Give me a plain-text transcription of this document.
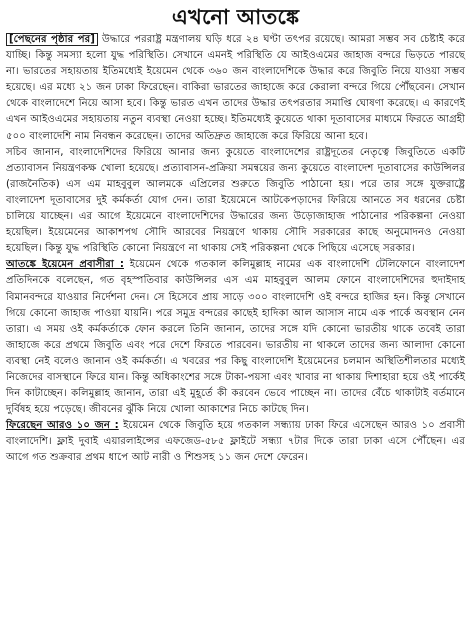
এখনো আতঙ্কে

[পেছনের পৃষ্ঠার পর] উদ্ধারে পররাষ্ট্র মন্ত্রণালয় ঘড়ি ধরে ২৪ ঘণ্টা তৎপর রয়েছে। আমরা সম্ভব সব চেষ্টাই করে যাচ্ছি। কিন্তু সমস্যা হলো যুদ্ধ পরিস্থিতি। সেখানে এমনই পরিস্থিতি যে আইওএমের জাহাজ বন্দরে ভিড়তে পারছে না। ভারতের সহায়তায় ইতিমধ্যেই ইয়েমেন থেকে ৩৬০ জন বাংলাদেশিকে উদ্ধার করে জিবুতি নিয়ে যাওয়া সম্ভব হয়েছে। এর মধ্যে ২১ জন ঢাকা ফিরেছেন। বাকিরা ভারতের জাহাজে করে কেরালা বন্দরে গিয়ে পৌঁছবেন। সেখান থেকে বাংলাদেশে নিয়ে আসা হবে। কিন্তু ভারত এখন তাদের উদ্ধার তৎপরতার সমাপ্তি ঘোষণা করেছে। এ কারণেই এখন আইওএমের সহায়তায় নতুন ব্যবস্থা নেওয়া হচ্ছে। ইতিমধ্যেই কুয়েতে থাকা দূতাবাসের মাধ্যমে ফিরতে আগ্রহী ৫০০ বাংলাদেশি নাম নিবন্ধন করেছেন। তাদের অতিদ্রুত জাহাজে করে ফিরিয়ে আনা হবে।

সচিব জানান, বাংলাদেশিদের ফিরিয়ে আনার জন্য কুয়েতে বাংলাদেশের রাষ্ট্রদূতের নেতৃত্বে জিবুতিতে একটি প্রত্যাবাসন নিয়ন্ত্রণকক্ষ খোলা হয়েছে। প্রত্যাবাসন-প্রক্রিয়া সমন্বয়ের জন্য কুয়েতে বাংলাদেশ দূতাবাসের কাউন্সিলর (রাজনৈতিক) এস এম মাহবুবুল আলমকে এপ্রিলের শুরুতে জিবুতি পাঠানো হয়। পরে তার সঙ্গে যুক্তরাষ্ট্রে বাংলাদেশ দূতাবাসের দুই কর্মকর্তা যোগ দেন। তারা ইয়েমেনে আটকেপড়াদের ফিরিয়ে আনতে সব ধরনের চেষ্টা চালিয়ে যাচ্ছেন। এর আগে ইয়েমেনে বাংলাদেশিদের উদ্ধারের জন্য উড়োজাহাজ পাঠানোর পরিকল্পনা নেওয়া হয়েছিল। ইয়েমেনের আকাশপথ সৌদি আরবের নিয়ন্ত্রণে থাকায় সৌদি সরকারের কাছে অনুমোদনও নেওয়া হয়েছিল। কিন্তু যুদ্ধ পরিস্থিতি কোনো নিয়ন্ত্রণে না থাকায় সেই পরিকল্পনা থেকে পিছিয়ে এসেছে সরকার।

আতঙ্কে ইয়েমেন প্রবাসীরা : ইয়েমেন থেকে গতকাল কলিমুল্লাহ নামের এক বাংলাদেশি টেলিফোনে বাংলাদেশ প্রতিদিনকে বলেছেন, গত বৃহস্পতিবার কাউন্সিলর এস এম মাহবুবুল আলম ফোনে বাংলাদেশিদের হুদাইদাহ বিমানবন্দরে যাওয়ার নির্দেশনা দেন। সে হিসেবে প্রায় সাড়ে ৩০০ বাংলাদেশি ওই বন্দরে হাজির হন। কিন্তু সেখানে গিয়ে কোনো জাহাজ পাওয়া যায়নি। পরে সমুদ্র বন্দরের কাছেই হাদিকা আল আসাস নামে এক পার্কে অবস্থান নেন তারা। এ সময় ওই কর্মকর্তাকে ফোন করলে তিনি জানান, তাদের সঙ্গে যদি কোনো ভারতীয় থাকে তবেই তারা জাহাজে করে প্রথমে জিবুতি এবং পরে দেশে ফিরতে পারবেন। ভারতীয় না থাকলে তাদের জন্য আলাদা কোনো ব্যবস্থা নেই বলেও জানান ওই কর্মকর্তা। এ খবরের পর কিছু বাংলাদেশি ইয়েমেনের চলমান অস্থিতিশীলতার মধ্যেই নিজেদের বাসস্থানে ফিরে যান। কিন্তু অধিকাংশের সঙ্গে টাকা-পয়সা এবং খাবার না থাকায় দিশাহারা হয়ে ওই পার্কেই দিন কাটাচ্ছেন। কলিমুল্লাহ জানান, তারা এই মুহূর্তে কী করবেন ভেবে পাচ্ছেন না। তাদের বেঁচে থাকাটাই বর্তমানে দুর্বিষহ হয়ে পড়েছে। জীবনের ঝুঁকি নিয়ে খোলা আকাশের নিচে কাটছে দিন।

ফিরেছেন আরও ১০ জন : ইয়েমেন থেকে জিবুতি হয়ে গতকাল সন্ধ্যায় ঢাকা ফিরে এসেছেন আরও ১০ প্রবাসী বাংলাদেশি। ফ্লাই দুবাই এয়ারলাইন্সের এফজেড-৫৮৫ ফ্লাইটে সন্ধ্যা ৭টার দিকে তারা ঢাকা এসে পৌঁছেন। এর আগে গত শুক্রবার প্রথম ধাপে আট নারী ও শিশুসহ ১১ জন দেশে ফেরেন।
